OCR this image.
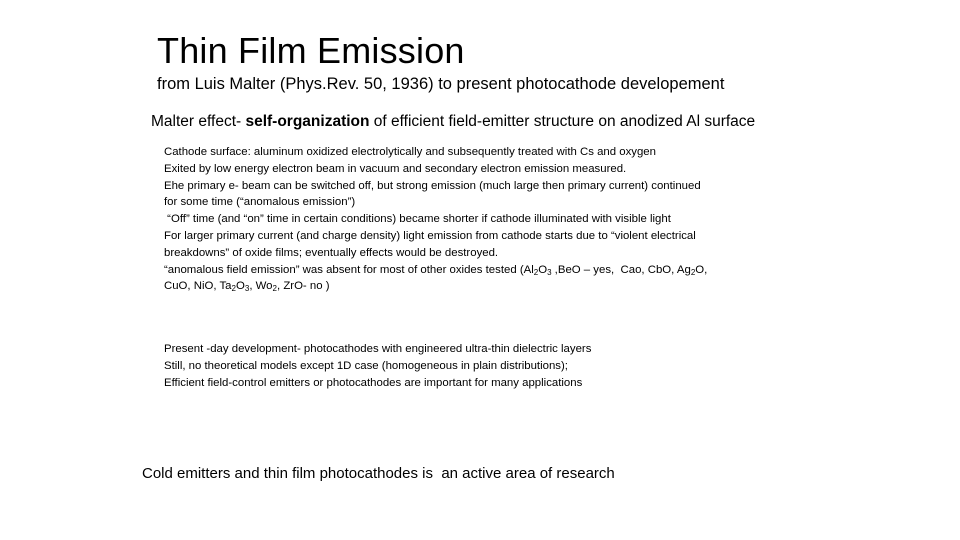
Thin Film Emission
from Luis Malter (Phys.Rev. 50, 1936) to present photocathode developement
Malter effect- self-organization of efficient field-emitter structure on anodized Al surface
Cathode surface: aluminum oxidized electrolytically and subsequently treated with Cs and oxygen
Exited by low energy electron beam in vacuum and secondary electron emission measured.
Ehe primary e- beam can be switched off, but strong emission (much large then primary current) continued
for some time (“anomalous emission”)
“Off” time (and “on” time in certain conditions) became shorter if cathode illuminated with visible light
For larger primary current (and charge density) light emission from cathode starts due to “violent electrical
breakdowns” of oxide films; eventually effects would be destroyed.
“anomalous field emission” was absent for most of other oxides tested ($Al_2O_3$ ,BeO – yes,  Cao, CbO, $Ag_2O$,
CuO, NiO, $Ta_2O_3$, $Wo_2$, ZrO- no )
Present -day development- photocathodes with engineered ultra-thin dielectric layers
Still, no theoretical models except 1D case (homogeneous in plain distributions);
Efficient field-control emitters or photocathodes are important for many applications
Cold emitters and thin film photocathodes is  an active area of research
